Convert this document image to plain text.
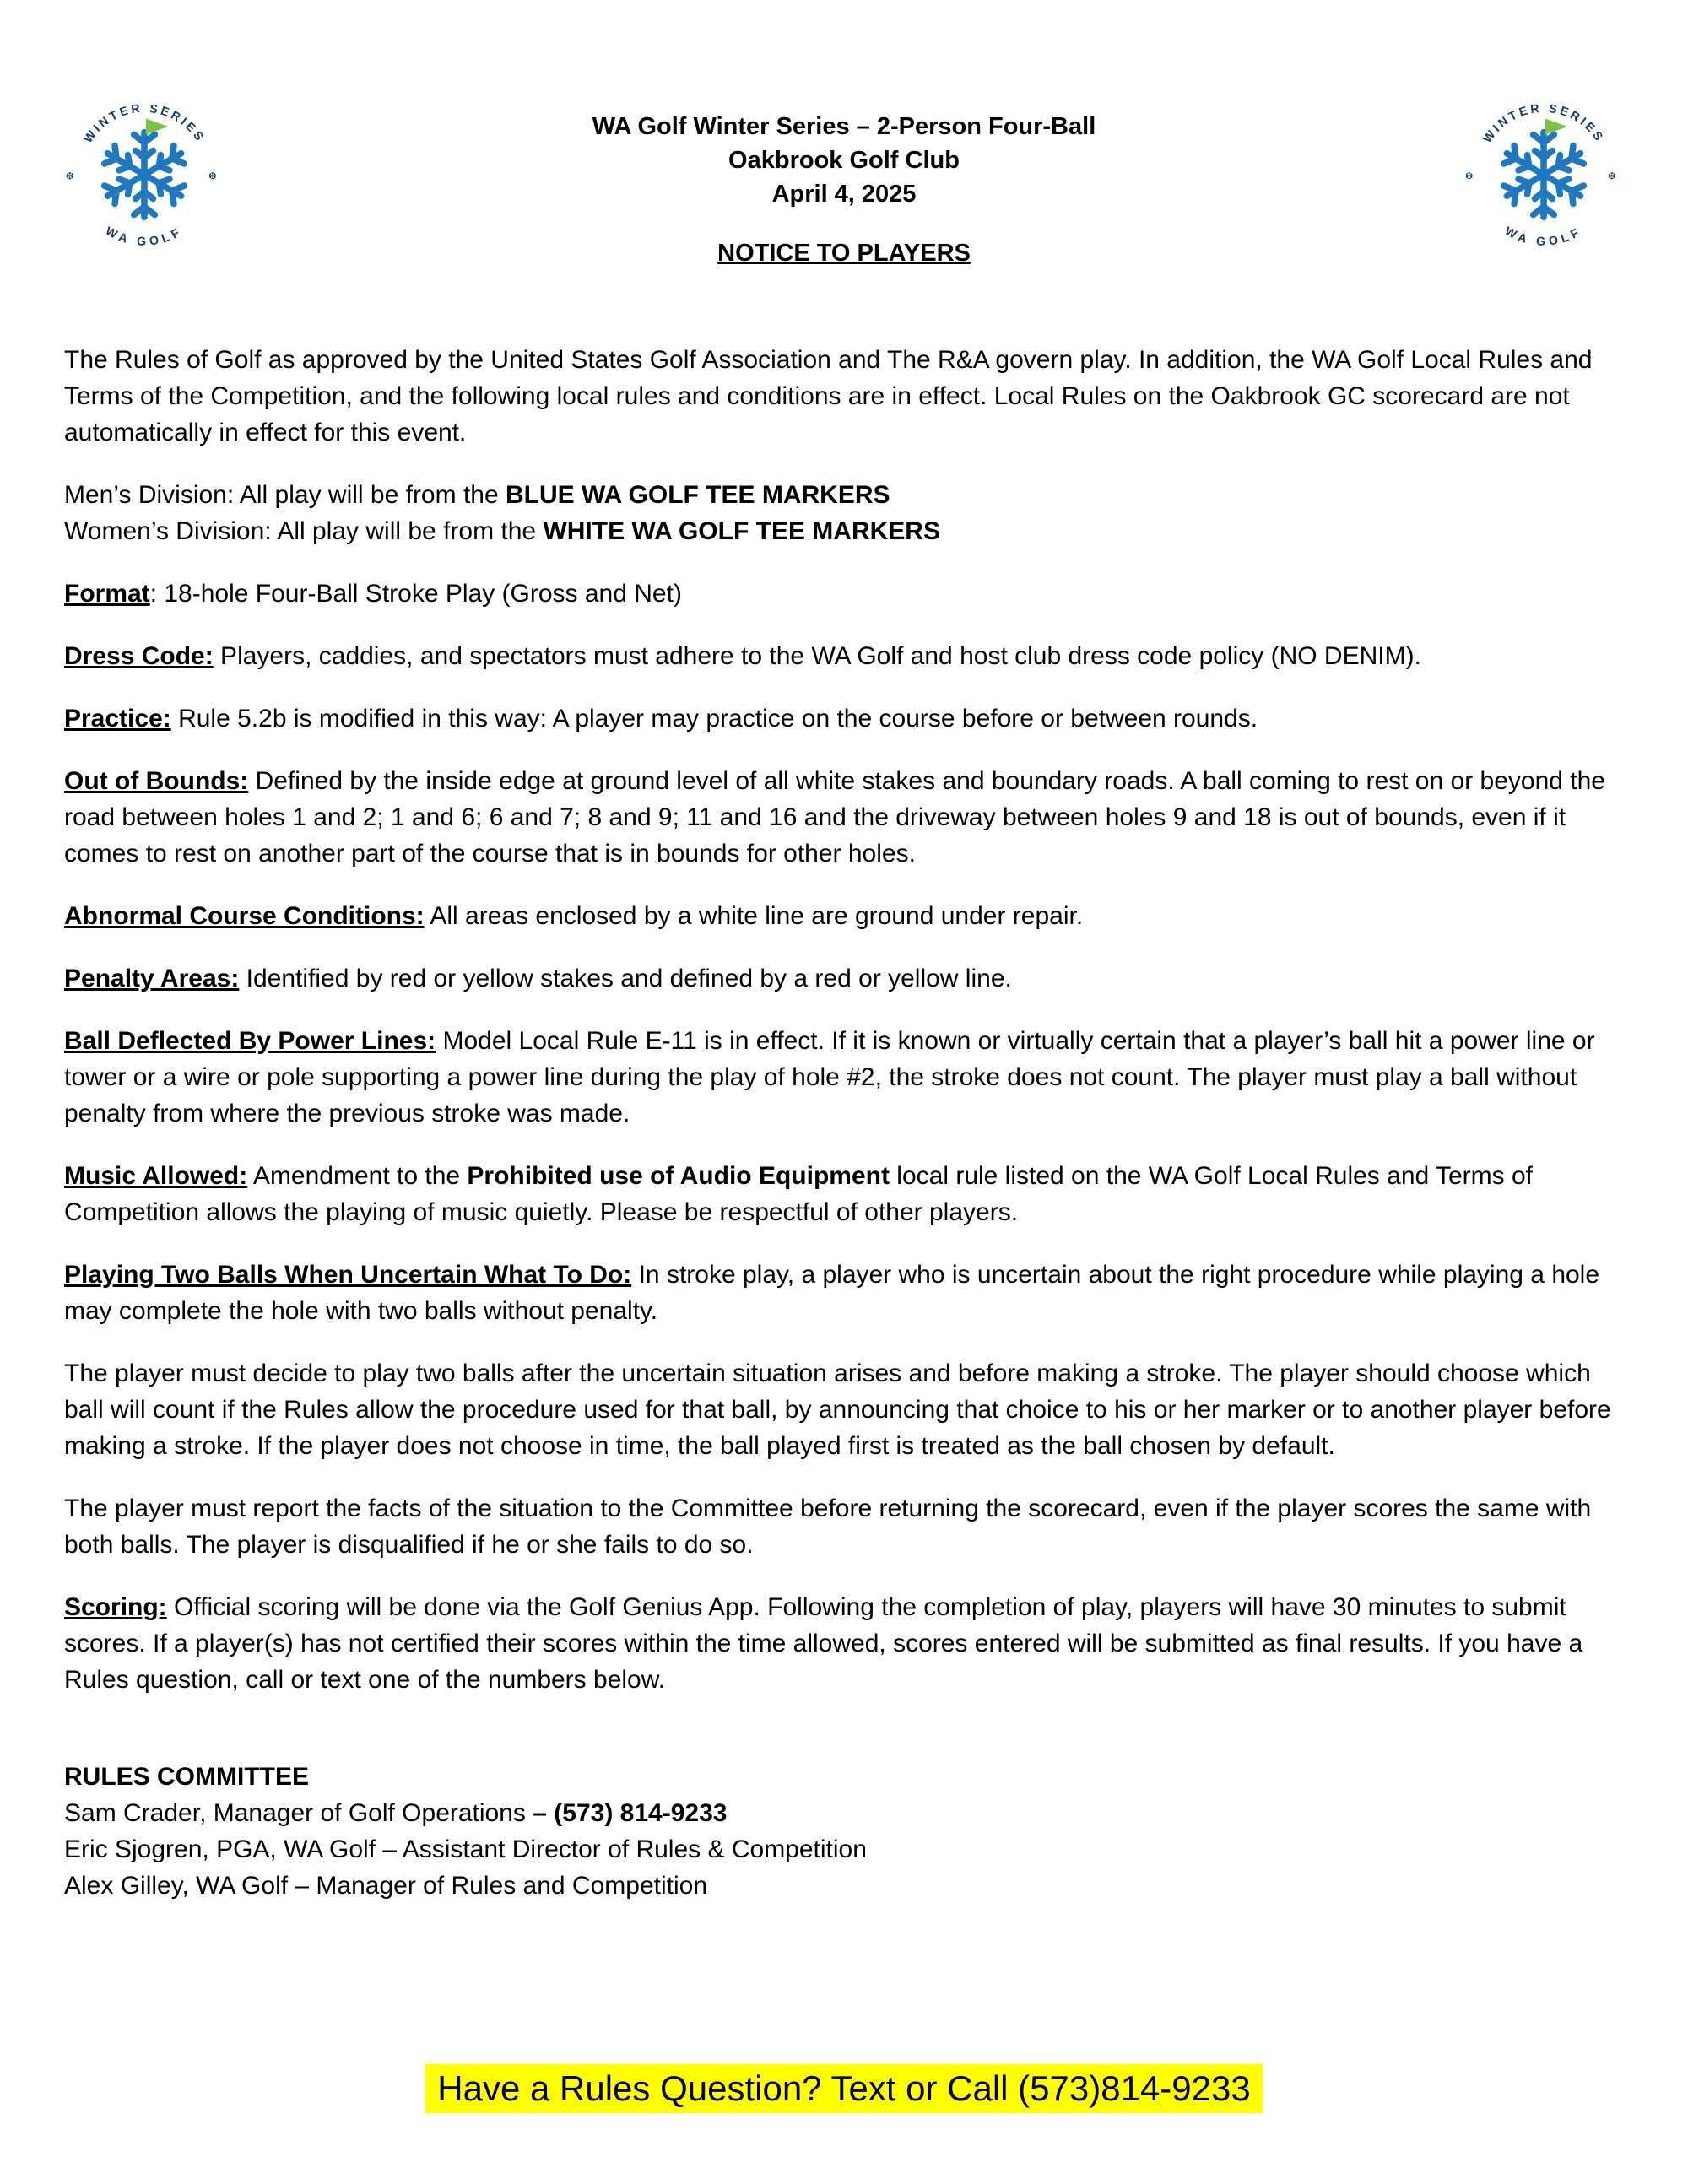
WINTER SERIES
WA GOLF
❆	❆
WA Golf Winter Series – 2-Person Four-Ball
Oakbrook Golf Club
April 4, 2025
NOTICE TO PLAYERS
WINTER SERIES
WA GOLF
❆	❆

The Rules of Golf as approved by the United States Golf Association and The R&A govern play. In addition, the WA Golf Local Rules and Terms of the Competition, and the following local rules and conditions are in effect. Local Rules on the Oakbrook GC scorecard are not automatically in effect for this event.

Men’s Division: All play will be from the BLUE WA GOLF TEE MARKERS
Women’s Division: All play will be from the WHITE WA GOLF TEE MARKERS

Format: 18-hole Four-Ball Stroke Play (Gross and Net)

Dress Code: Players, caddies, and spectators must adhere to the WA Golf and host club dress code policy (NO DENIM).

Practice: Rule 5.2b is modified in this way: A player may practice on the course before or between rounds.

Out of Bounds: Defined by the inside edge at ground level of all white stakes and boundary roads. A ball coming to rest on or beyond the road between holes 1 and 2; 1 and 6; 6 and 7; 8 and 9; 11 and 16 and the driveway between holes 9 and 18 is out of bounds, even if it comes to rest on another part of the course that is in bounds for other holes.

Abnormal Course Conditions: All areas enclosed by a white line are ground under repair.

Penalty Areas: Identified by red or yellow stakes and defined by a red or yellow line.

Ball Deflected By Power Lines: Model Local Rule E-11 is in effect. If it is known or virtually certain that a player’s ball hit a power line or tower or a wire or pole supporting a power line during the play of hole #2, the stroke does not count. The player must play a ball without penalty from where the previous stroke was made.

Music Allowed: Amendment to the Prohibited use of Audio Equipment local rule listed on the WA Golf Local Rules and Terms of Competition allows the playing of music quietly. Please be respectful of other players.

Playing Two Balls When Uncertain What To Do: In stroke play, a player who is uncertain about the right procedure while playing a hole may complete the hole with two balls without penalty.

The player must decide to play two balls after the uncertain situation arises and before making a stroke. The player should choose which ball will count if the Rules allow the procedure used for that ball, by announcing that choice to his or her marker or to another player before making a stroke. If the player does not choose in time, the ball played first is treated as the ball chosen by default.

The player must report the facts of the situation to the Committee before returning the scorecard, even if the player scores the same with both balls. The player is disqualified if he or she fails to do so.

Scoring: Official scoring will be done via the Golf Genius App. Following the completion of play, players will have 30 minutes to submit scores. If a player(s) has not certified their scores within the time allowed, scores entered will be submitted as final results. If you have a Rules question, call or text one of the numbers below.

RULES COMMITTEE

Sam Crader, Manager of Golf Operations – (573) 814-9233

Eric Sjogren, PGA, WA Golf – Assistant Director of Rules & Competition

Alex Gilley, WA Golf – Manager of Rules and Competition

Have a Rules Question? Text or Call (573)814-9233
